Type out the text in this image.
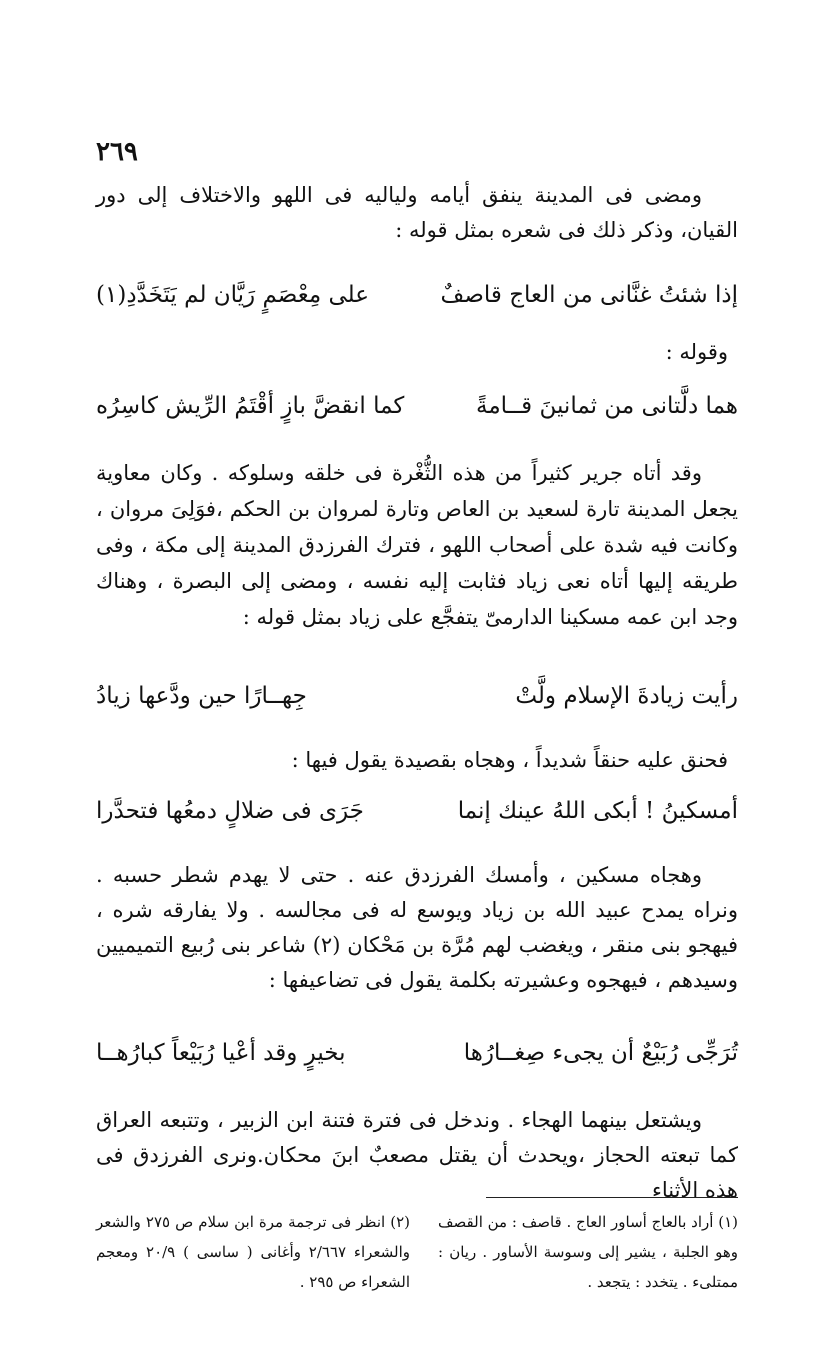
٢٦٩

ومضى فى المدينة ينفق أيامه ولياليه فى اللهو والاختلاف إلى دور القيان، وذكر ذلك فى شعره بمثل قوله :

إذا شئتُ غنَّانى من العاج قاصفٌ
على مِعْصَمٍ رَيَّان لم يَتَخَدَّدِ(١)

وقوله :

هما دلَّتانى من ثمانينَ قــامةً
كما انقضَّ بازٍ أقْتَمُ الرِّيش كاسِرُه

وقد أتاه جرير كثيراً من هذه الثُّغْرة فى خلقه وسلوكه . وكان معاوية يجعل المدينة تارة لسعيد بن العاص وتارة لمروان بن الحكم ،فوَلِىَ مروان ، وكانت فيه شدة على أصحاب اللهو ، فترك الفرزدق المدينة إلى مكة ، وفى طريقه إليها أتاه نعى زياد فثابت إليه نفسه ، ومضى إلى البصرة ، وهناك وجد ابن عمه مسكينا الدارمىّ يتفجَّع على زياد بمثل قوله :

رأيت زيادةَ الإسلام ولَّتْ
جِهــارًا حين ودَّعها زيادُ

فحنق عليه حنقاً شديداً ، وهجاه بقصيدة يقول فيها :

أمسكينُ ! أبكى اللهُ عينك إنما
جَرَى فى ضلالٍ دمعُها فتحدَّرا

وهجاه مسكين ، وأمسك الفرزدق عنه . حتى لا يهدم شطر حسبه . ونراه يمدح عبيد الله بن زياد ويوسع له فى مجالسه . ولا يفارقه شره ، فيهجو بنى منقر ، ويغضب لهم مُرَّة بن مَحْكان (٢) شاعر بنى رُبيع التميميين وسيدهم ، فيهجوه وعشيرته بكلمة يقول فى تضاعيفها :

تُرَجِّى رُبَيْعٌ أن يجىء صِغــارُها
بخيرٍ وقد أعْيا رُبَيْعاً كبارُهــا

ويشتعل بينهما الهجاء . وندخل فى فترة فتنة ابن الزبير ، وتتبعه العراق كما تبعته الحجاز ،ويحدث أن يقتل مصعبٌ ابنَ محكان.ونرى الفرزدق فى هذه الأثناء

(١) أراد بالعاج أساور العاج . قاصف : من القصف وهو الجلبة ، يشير إلى وسوسة الأساور . ريان : ممتلىء . يتخدد : يتجعد .

(٢) انظر فى ترجمة مرة ابن سلام ص ٢٧٥ والشعر والشعراء ٢/٦٦٧ وأغانى ( ساسى ) ٢٠/٩ ومعجم الشعراء ص ٢٩٥ .
